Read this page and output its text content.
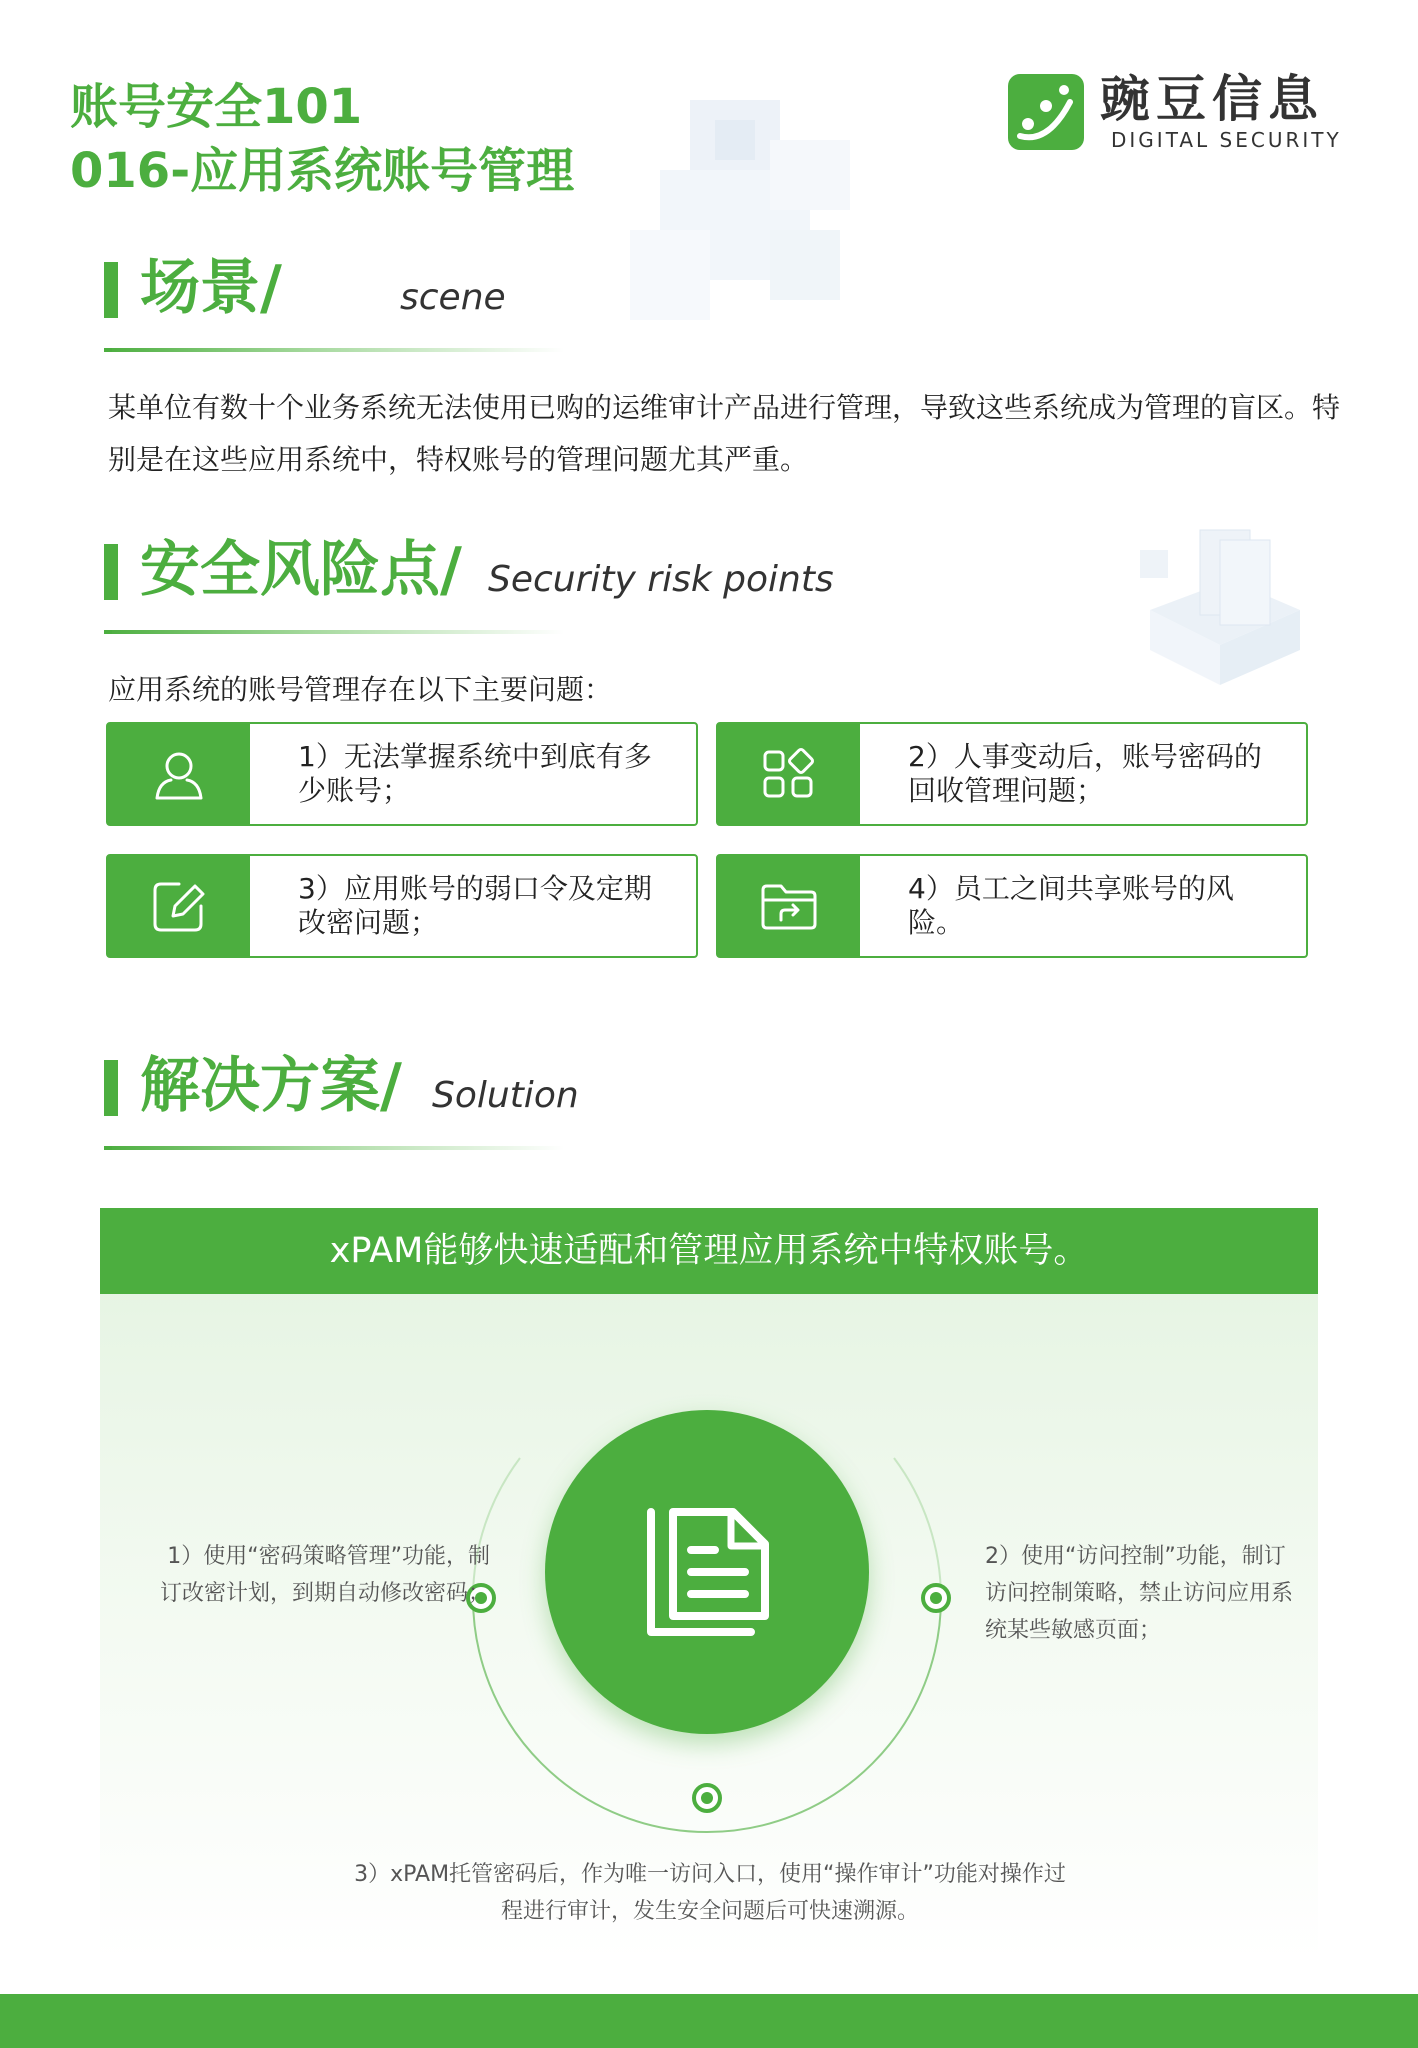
账号安全101
016-应用系统账号管理
豌豆信息
DIGITAL SECURITY
场景/	scene

某单位有数十个业务系统无法使用已购的运维审计产品进行管理，导致这些系统成为管理的盲区。特别是在这些应用系统中，特权账号的管理问题尤其严重。

安全风险点/ Security risk points
应用系统的账号管理存在以下主要问题：
1）无法掌握系统中到底有多少账号；
2）人事变动后，账号密码的回收管理问题；
3）应用账号的弱口令及定期改密问题；
4）员工之间共享账号的风险。
解决方案/ Solution
xPAM能够快速适配和管理应用系统中特权账号。
1）使用“密码策略管理”功能，制订改密计划，到期自动修改密码；
2）使用“访问控制”功能，制订访问控制策略，禁止访问应用系统某些敏感页面；
3）xPAM托管密码后，作为唯一访问入口，使用“操作审计”功能对操作过程进行审计，发生安全问题后可快速溯源。
